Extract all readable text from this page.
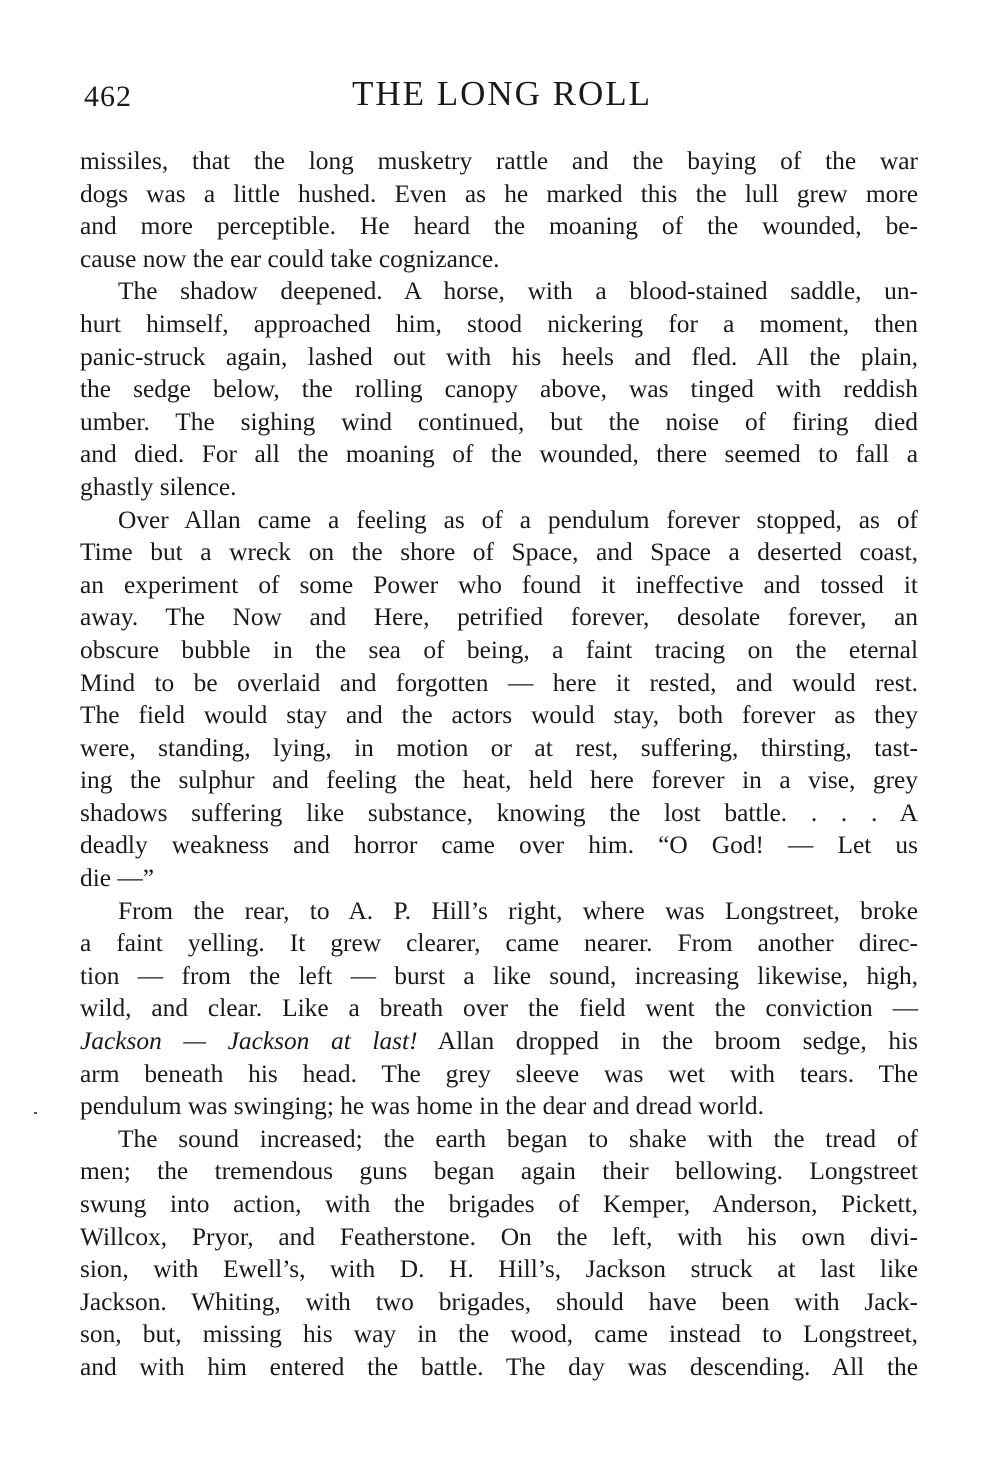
462	THE LONG ROLL
missiles, that the long musketry rattle and the baying of the war
dogs was a little hushed. Even as he marked this the lull grew more
and more perceptible. He heard the moaning of the wounded, be-
cause now the ear could take cognizance.
The shadow deepened. A horse, with a blood-stained saddle, un-
hurt himself, approached him, stood nickering for a moment, then
panic-struck again, lashed out with his heels and fled. All the plain,
the sedge below, the rolling canopy above, was tinged with reddish
umber. The sighing wind continued, but the noise of firing died
and died. For all the moaning of the wounded, there seemed to fall a
ghastly silence.
Over Allan came a feeling as of a pendulum forever stopped, as of
Time but a wreck on the shore of Space, and Space a deserted coast,
an experiment of some Power who found it ineffective and tossed it
away. The Now and Here, petrified forever, desolate forever, an
obscure bubble in the sea of being, a faint tracing on the eternal
Mind to be overlaid and forgotten — here it rested, and would rest.
The field would stay and the actors would stay, both forever as they
were, standing, lying, in motion or at rest, suffering, thirsting, tast-
ing the sulphur and feeling the heat, held here forever in a vise, grey
shadows suffering like substance, knowing the lost battle. . . . A
deadly weakness and horror came over him. “O God! — Let us
die —”
From the rear, to A. P. Hill’s right, where was Longstreet, broke
a faint yelling. It grew clearer, came nearer. From another direc-
tion — from the left — burst a like sound, increasing likewise, high,
wild, and clear. Like a breath over the field went the conviction —
Jackson — Jackson at last! Allan dropped in the broom sedge, his
arm beneath his head. The grey sleeve was wet with tears. The
pendulum was swinging; he was home in the dear and dread world.
The sound increased; the earth began to shake with the tread of
men; the tremendous guns began again their bellowing. Longstreet
swung into action, with the brigades of Kemper, Anderson, Pickett,
Willcox, Pryor, and Featherstone. On the left, with his own divi-
sion, with Ewell’s, with D. H. Hill’s, Jackson struck at last like
Jackson. Whiting, with two brigades, should have been with Jack-
son, but, missing his way in the wood, came instead to Longstreet,
and with him entered the battle. The day was descending. All the
